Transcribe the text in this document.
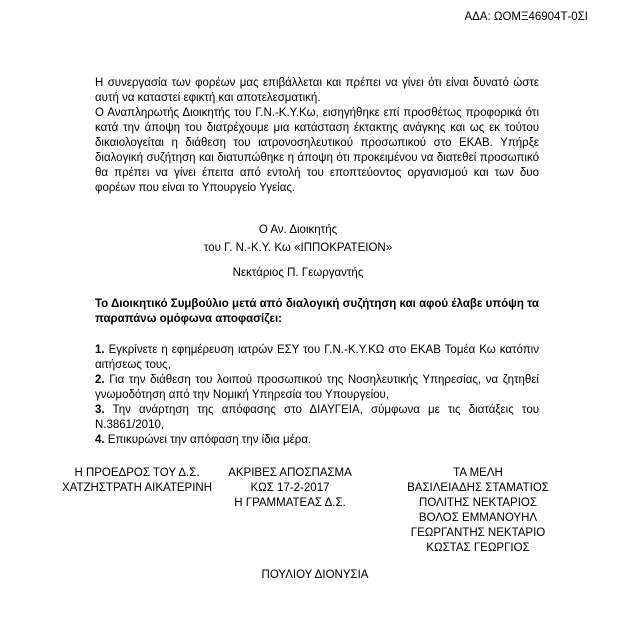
ΑΔΑ: ΩΟΜΞ46904Τ-0ΣΙ

Η συνεργασία των φορέων μας επιβάλλεται και πρέπει να γίνει ότι είναι δυνατό ώστε αυτή να καταστεί εφικτή και αποτελεσματική.

Ο Αναπληρωτής Διοικητής του Γ.Ν.-Κ.Υ.Κω, εισηγήθηκε επί προσθέτως προφορικά ότι κατά την άποψη του διατρέχουμε μια κατάσταση έκτακτης ανάγκης και ως εκ τούτου δικαιολογείται η διάθεση του ιατρονοσηλευτικού προσωπικού στο ΕΚΑΒ. Υπήρξε διαλογική συζήτηση και διατυπώθηκε η άποψη ότι προκειμένου να διατεθεί προσωπικό θα πρέπει να γίνει έπειτα από εντολή του εποπτεύοντος οργανισμού και των δυο φορέων που είναι το Υπουργείο Υγείας.

Ο Αν. Διοικητής
του Γ. Ν.-Κ.Υ. Κω «ΙΠΠΟΚΡΑΤΕΙΟΝ»
Νεκτάριος Π. Γεωργαντής
Το Διοικητικό Συμβούλιο μετά από διαλογική συζήτηση και αφού έλαβε υπόψη τα παραπάνω ομόφωνα αποφασίζει:

1. Εγκρίνετε η εφημέρευση ιατρών ΕΣΥ του Γ.Ν.-Κ.Υ.ΚΩ στο ΕΚΑΒ Τομέα Κω κατόπιν αιτήσεως τους,

2. Για την διάθεση του λοιπού προσωπικού της Νοσηλευτικής Υπηρεσίας, να ζητηθεί γνωμοδότηση από την Νομική Υπηρεσία του Υπουργείου,

3. Την ανάρτηση της απόφασης στο ΔΙΑΥΓΕΙΑ, σύμφωνα με τις διατάξεις του Ν.3861/2010,

4. Επικυρώνει την απόφαση την ίδια μέρα.

Η ΠΡΟΕΔΡΟΣ ΤΟΥ Δ.Σ.
ΧΑΤΖΗΣΤΡΑΤΗ ΑΙΚΑΤΕΡΙΝΗ
ΑΚΡΙΒΕΣ ΑΠΟΣΠΑΣΜΑ
ΚΩΣ 17-2-2017
Η ΓΡΑΜΜΑΤΕΑΣ Δ.Σ.
ΤΑ ΜΕΛΗ
ΒΑΣΙΛΕΙΑΔΗΣ ΣΤΑΜΑΤΙΟΣ
ΠΟΛΙΤΗΣ ΝΕΚΤΑΡΙΟΣ
ΒΟΛΟΣ ΕΜΜΑΝΟΥΗΛ
ΓΕΩΡΓΑΝΤΗΣ ΝΕΚΤΑΡΙΟ
ΚΩΣΤΑΣ ΓΕΩΡΓΙΟΣ
ΠΟΥΛΙΟΥ ΔΙΟΝΥΣΙΑ
